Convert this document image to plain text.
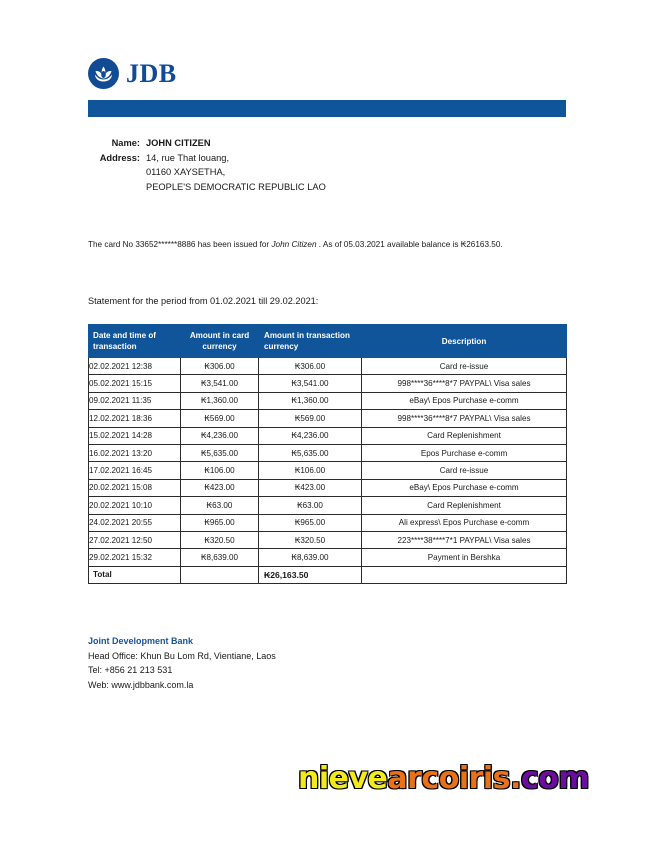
JDB
Name: JOHN CITIZEN
Address: 14, rue That louang,
01160 XAYSETHA,
PEOPLE'S DEMOCRATIC REPUBLIC LAO
The card No 33652******8886 has been issued for John Citizen . As of 05.03.2021 available balance is ₭26163.50.
Statement for the period from 01.02.2021 till 29.02.2021:
Date and time of transaction	Amount in card currency	Amount in transaction currency	Description
02.02.2021 12:38	₭306.00	₭306.00	Card re-issue
05.02.2021 15:15	₭3,541.00	₭3,541.00	998****36****8*7 PAYPAL\ Visa sales
09.02.2021 11:35	₭1,360.00	₭1,360.00	eBay\ Epos Purchase e-comm
12.02.2021 18:36	₭569.00	₭569.00	998****36****8*7 PAYPAL\ Visa sales
15.02.2021 14:28	₭4,236.00	₭4,236.00	Card Replenishment
16.02.2021 13:20	₭5,635.00	₭5,635.00	Epos Purchase e-comm
17.02.2021 16:45	₭106.00	₭106.00	Card re-issue
20.02.2021 15:08	₭423.00	₭423.00	eBay\ Epos Purchase e-comm
20.02.2021 10:10	₭63.00	₭63.00	Card Replenishment
24.02.2021 20:55	₭965.00	₭965.00	Ali express\ Epos Purchase e-comm
27.02.2021 12:50	₭320.50	₭320.50	223****38****7*1 PAYPAL\ Visa sales
29.02.2021 15:32	₭8,639.00	₭8,639.00	Payment in Bershka
Total		₭26,163.50	
Joint Development Bank
Head Office: Khun Bu Lom Rd, Vientiane, Laos
Tel: +856 21 213 531
Web: www.jdbbank.com.la
nievearcoiris.com
